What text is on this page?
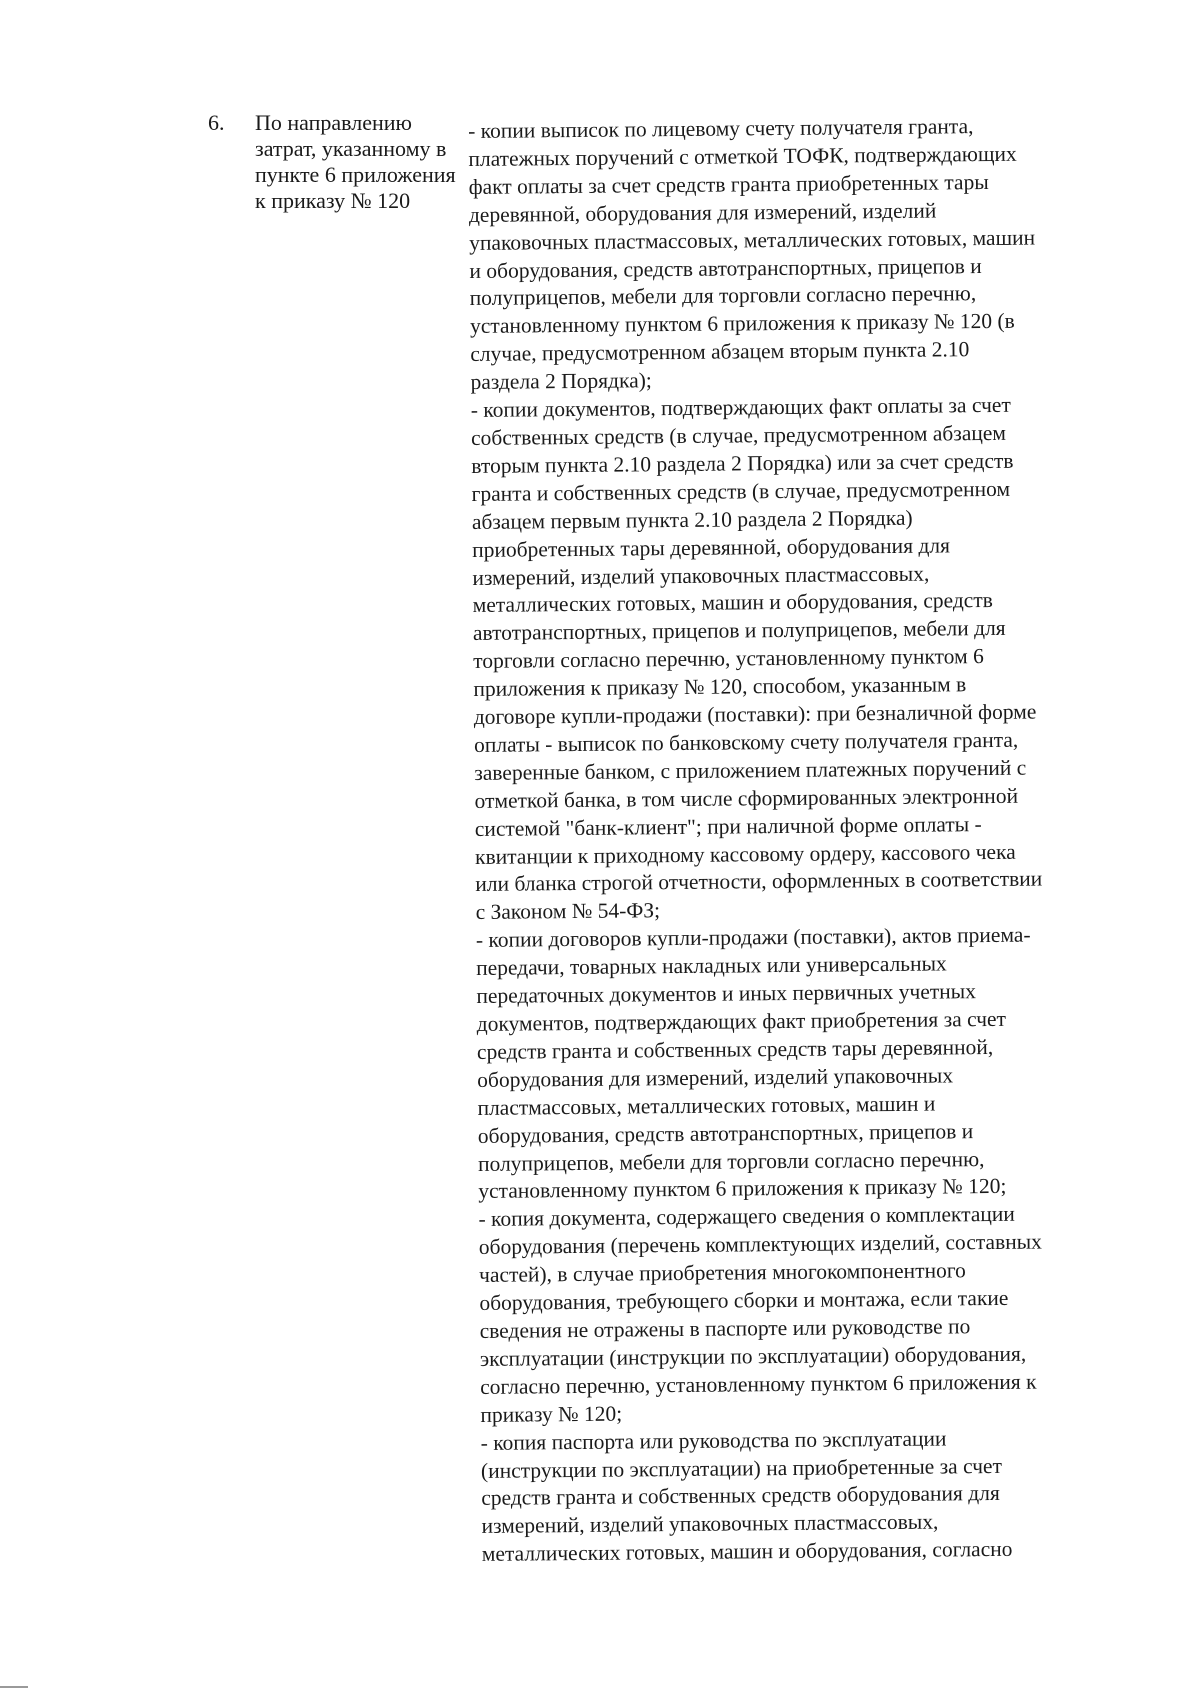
6. По направлению
затрат, указанному в
пункте 6 приложения
к приказу № 120
- копии выписок по лицевому счету получателя гранта,
платежных поручений с отметкой ТОФК, подтверждающих
факт оплаты за счет средств гранта приобретенных тары
деревянной, оборудования для измерений, изделий
упаковочных пластмассовых, металлических готовых, машин
и оборудования, средств автотранспортных, прицепов и
полуприцепов, мебели для торговли согласно перечню,
установленному пунктом 6 приложения к приказу № 120 (в
случае, предусмотренном абзацем вторым пункта 2.10
раздела 2 Порядка);
- копии документов, подтверждающих факт оплаты за счет
собственных средств (в случае, предусмотренном абзацем
вторым пункта 2.10 раздела 2 Порядка) или за счет средств
гранта и собственных средств (в случае, предусмотренном
абзацем первым пункта 2.10 раздела 2 Порядка)
приобретенных тары деревянной, оборудования для
измерений, изделий упаковочных пластмассовых,
металлических готовых, машин и оборудования, средств
автотранспортных, прицепов и полуприцепов, мебели для
торговли согласно перечню, установленному пунктом 6
приложения к приказу № 120, способом, указанным в
договоре купли-продажи (поставки): при безналичной форме
оплаты - выписок по банковскому счету получателя гранта,
заверенные банком, с приложением платежных поручений с
отметкой банка, в том числе сформированных электронной
системой "банк-клиент"; при наличной форме оплаты -
квитанции к приходному кассовому ордеру, кассового чека
или бланка строгой отчетности, оформленных в соответствии
с Законом № 54-ФЗ;
- копии договоров купли-продажи (поставки), актов приема-
передачи, товарных накладных или универсальных
передаточных документов и иных первичных учетных
документов, подтверждающих факт приобретения за счет
средств гранта и собственных средств тары деревянной,
оборудования для измерений, изделий упаковочных
пластмассовых, металлических готовых, машин и
оборудования, средств автотранспортных, прицепов и
полуприцепов, мебели для торговли согласно перечню,
установленному пунктом 6 приложения к приказу № 120;
- копия документа, содержащего сведения о комплектации
оборудования (перечень комплектующих изделий, составных
частей), в случае приобретения многокомпонентного
оборудования, требующего сборки и монтажа, если такие
сведения не отражены в паспорте или руководстве по
эксплуатации (инструкции по эксплуатации) оборудования,
согласно перечню, установленному пунктом 6 приложения к
приказу № 120;
- копия паспорта или руководства по эксплуатации
(инструкции по эксплуатации) на приобретенные за счет
средств гранта и собственных средств оборудования для
измерений, изделий упаковочных пластмассовых,
металлических готовых, машин и оборудования, согласно
